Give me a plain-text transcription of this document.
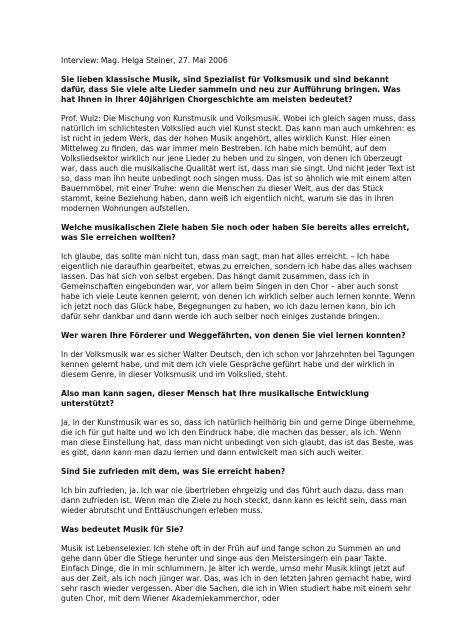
Interview: Mag. Helga Steiner, 27. Mai 2006

Sie lieben klassische Musik, sind Spezialist für Volksmusik und sind bekannt dafür, dass Sie viele alte Lieder sammeln und neu zur Aufführung bringen. Was hat Ihnen in Ihrer 40jährigen Chorgeschichte am meisten bedeutet?

Prof. Wulz: Die Mischung von Kunstmusik und Volksmusik. Wobei ich gleich sagen muss, dass natürlich im schlichtesten Volkslied auch viel Kunst steckt. Das kann man auch umkehren: es ist nicht in jedem Werk, das der hohen Musik angehört, alles wirklich Kunst. Hier einen Mittelweg zu finden, das war immer mein Bestreben. Ich habe mich bemüht, auf dem Volksliedsektor wirklich nur jene Lieder zu heben und zu singen, von denen ich überzeugt war, dass auch die musikalische Qualität wert ist, dass man sie singt. Und nicht jeder Text ist so, dass man ihn heute unbedingt noch singen muss. Das ist so ähnlich wie mit einem alten Bauernmöbel, mit einer Truhe: wenn die Menschen zu dieser Welt, aus der das Stück stammt, keine Beziehung haben, dann weiß ich eigentlich nicht, warum sie das in ihren modernen Wohnungen aufstellen.

Welche musikalischen Ziele haben Sie noch oder haben Sie bereits alles erreicht, was Sie erreichen wollten?

Ich glaube, das sollte man nicht tun, dass man sagt, man hat alles erreicht. – Ich habe eigentlich nie daraufhin gearbeitet, etwas zu erreichen, sondern ich habe das alles wachsen lassen. Das hat sich von selbst ergeben. Das hängt damit zusammen, dass ich in Gemeinschaften eingebunden war, vor allem beim Singen in den Chor – aber auch sonst habe ich viele Leute kennen gelernt, von denen ich wirklich selber auch lernen konnte. Wenn ich jetzt noch das Glück habe, Begegnungen zu haben, wo ich dazu lernen kann, bin ich dafür sehr dankbar und dann werde ich auch selber noch einiges zustande bringen.

Wer waren Ihre Förderer und Weggefährten, von denen Sie viel lernen konnten?

In der Volksmusik war es sicher Walter Deutsch, den ich schon vor Jahrzehnten bei Tagungen kennen gelernt habe, und mit dem ich viele Gespräche geführt habe und der wirklich in diesem Genre, in dieser Volksmusik und im Volkslied, steht.

Also man kann sagen, dieser Mensch hat Ihre musikalische Entwicklung unterstützt?

Ja, in der Kunstmusik war es so, dass ich natürlich hellhörig bin und gerne Dinge übernehme, die ich für gut halte und wo ich den Eindruck habe, die machen das besser, als ich. Wenn man diese Einstellung hat, dass man nicht unbedingt von sich glaubt, das ist das Beste, was es gibt, dann kann man dazu lernen und dann entwickelt man sich auch weiter.

Sind Sie zufrieden mit dem, was Sie erreicht haben?

Ich bin zufrieden, ja. Ich war nie übertrieben ehrgeizig und das führt auch dazu, dass man dann zufrieden ist. Wenn man die Ziele zu hoch steckt, dann kann es leicht sein, dass man wieder abrutscht und Enttäuschungen erleben muss.

Was bedeutet Musik für Sie?

Musik ist Lebenselexier. Ich stehe oft in der Früh auf und fange schon zu Summen an und gehe dann über die Stiege herunter und singe aus den Meistersingern ein paar Takte. Einfach Dinge, die in mir schlummern. Je älter ich werde, umso mehr Musik klingt jetzt auf aus der Zeit, als ich noch jünger war. Das, was ich in den letzten Jahren gemacht habe, wird sehr rasch wieder vergessen. Aber die Sachen, die ich in Wien studiert habe mit einem sehr guten Chor, mit dem Wiener Akademiekammerchor, oder
